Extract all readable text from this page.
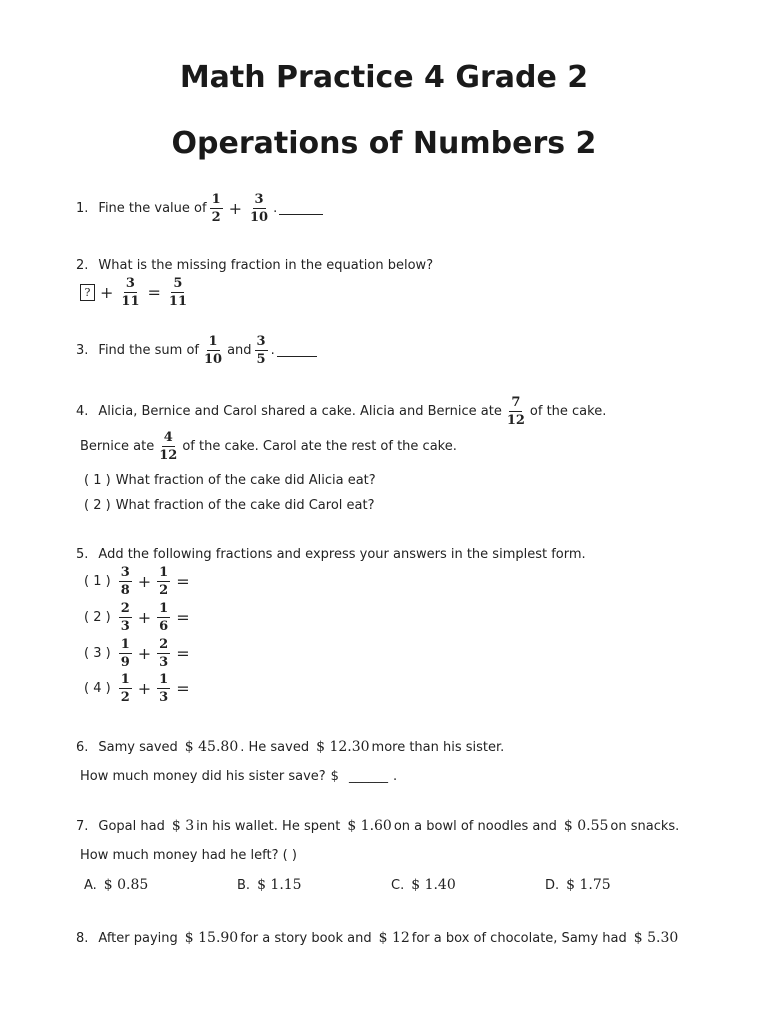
Math Practice 4 Grade 2
Operations of Numbers 2
1. Fine the value of $\frac{1}{2} + \frac{3}{10}$ .
2. What is the missing fraction in the equation below?
? + $\frac{3}{11} = \frac{5}{11}$
3. Find the sum of $\frac{1}{10}$ and $\frac{3}{5}$ .
4. Alicia, Bernice and Carol shared a cake. Alicia and Bernice ate $\frac{7}{12}$ of the cake.
Bernice ate $\frac{4}{12}$ of the cake. Carol ate the rest of the cake.
( 1 ) What fraction of the cake did Alicia eat?
( 2 ) What fraction of the cake did Carol eat?
5. Add the following fractions and express your answers in the simplest form.
( 1 ) $\frac{3}{8} + \frac{1}{2}$ =
( 2 ) $\frac{2}{3} + \frac{1}{6}$ =
( 3 ) $\frac{1}{9} + \frac{2}{3}$ =
( 4 ) $\frac{1}{2} + \frac{1}{3}$ =
6. Samy saved $ 45.80 . He saved $ 12.30 more than his sister.
How much money did his sister save? $ ______ .
7. Gopal had $ 3 in his wallet. He spent $ 1.60 on a bowl of noodles and $ 0.55 on snacks.
How much money had he left? ( )
A. $ 0.85	B. $ 1.15	C. $ 1.40	D. $ 1.75
8. After paying $ 15.90 for a story book and $ 12 for a box of chocolate, Samy had $ 5.30
